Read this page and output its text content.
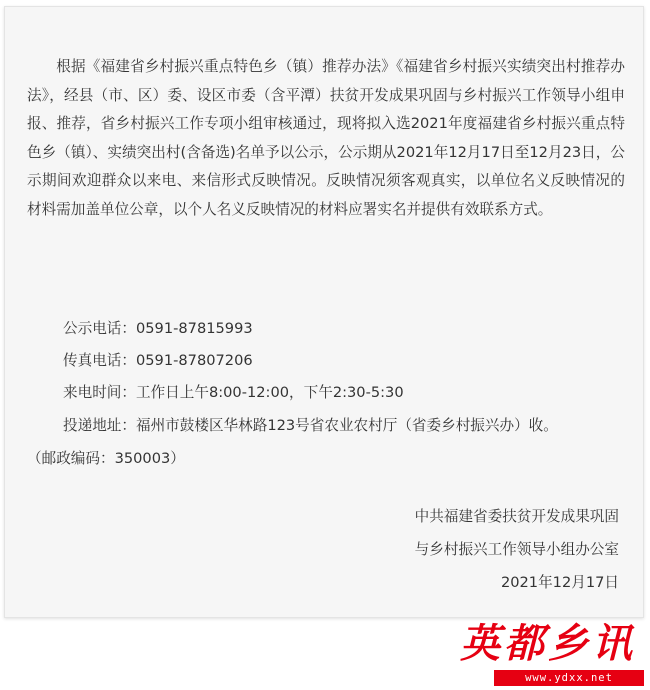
根据《福建省乡村振兴重点特色乡（镇）推荐办法》《福建省乡村振兴实绩突出村推荐办法》，经县（市、区）委、设区市委（含平潭）扶贫开发成果巩固与乡村振兴工作领导小组申报、推荐，省乡村振兴工作专项小组审核通过，现将拟入选2021年度福建省乡村振兴重点特色乡（镇）、实绩突出村(含备选)名单予以公示，公示期从2021年12月17日至12月23日，公示期间欢迎群众以来电、来信形式反映情况。反映情况须客观真实，以单位名义反映情况的材料需加盖单位公章，以个人名义反映情况的材料应署实名并提供有效联系方式。

公示电话：0591-87815993

传真电话：0591-87807206

来电时间：工作日上午8:00-12:00，下午2:30-5:30

投递地址：福州市鼓楼区华林路123号省农业农村厅（省委乡村振兴办）收。

（邮政编码：350003）

中共福建省委扶贫开发成果巩固

与乡村振兴工作领导小组办公室

2021年12月17日

英都乡讯
www.ydxx.net
